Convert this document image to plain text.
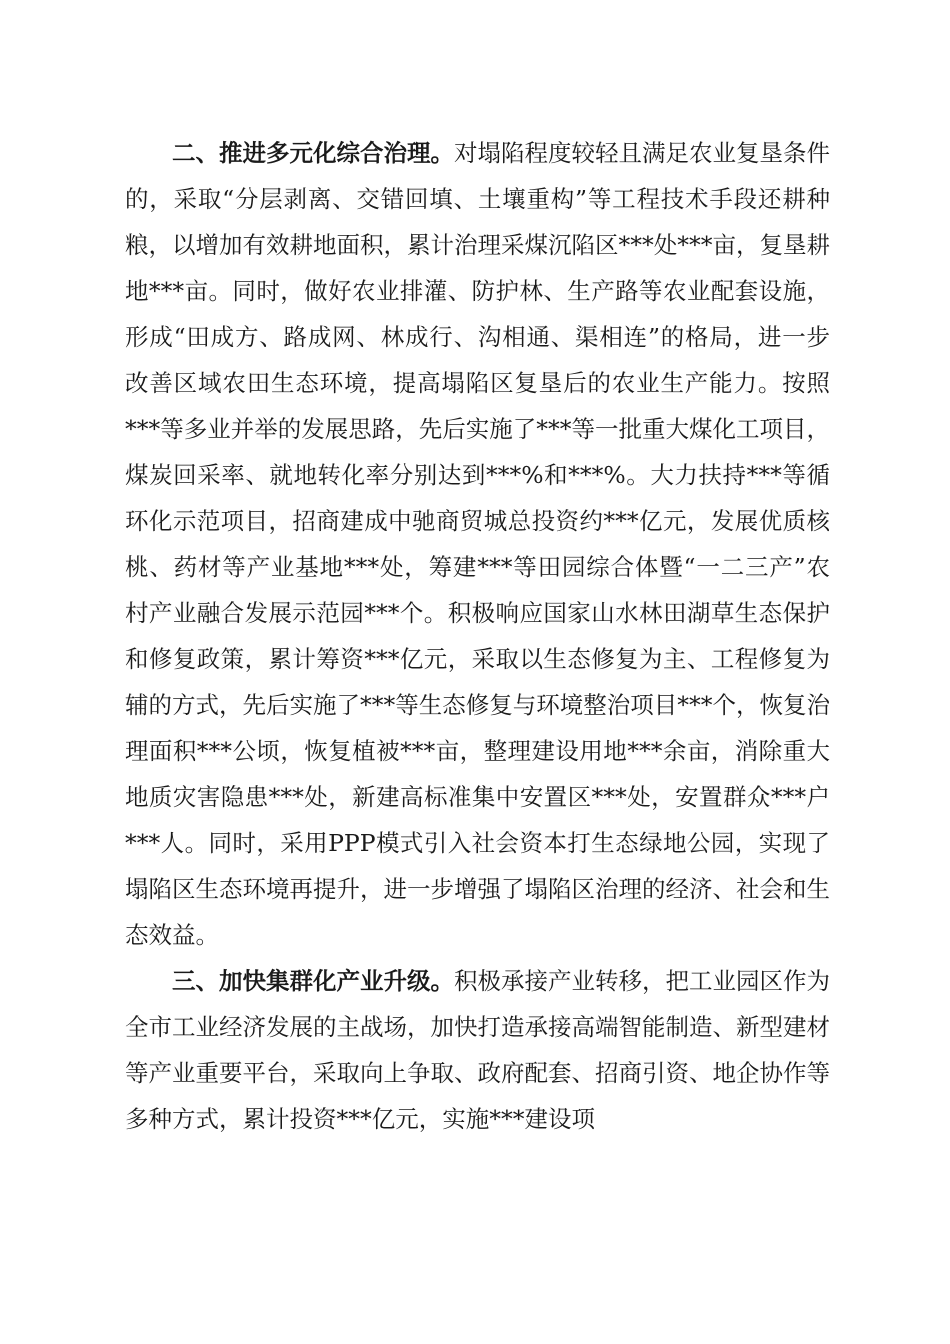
二、推进多元化综合治理。对塌陷程度较轻且满足农业复垦条件的，采取“分层剥离、交错回填、土壤重构”等工程技术手段还耕种粮，以增加有效耕地面积，累计治理采煤沉陷区***处***亩，复垦耕地***亩。同时，做好农业排灌、防护林、生产路等农业配套设施，形成“田成方、路成网、林成行、沟相通、渠相连”的格局，进一步改善区域农田生态环境，提高塌陷区复垦后的农业生产能力。按照***等多业并举的发展思路，先后实施了***等一批重大煤化工项目，煤炭回采率、就地转化率分别达到***%和***%。大力扶持***等循环化示范项目，招商建成中驰商贸城总投资约***亿元，发展优质核桃、药材等产业基地***处，筹建***等田园综合体暨“一二三产”农村产业融合发展示范园***个。积极响应国家山水林田湖草生态保护和修复政策，累计筹资***亿元，采取以生态修复为主、工程修复为辅的方式，先后实施了***等生态修复与环境整治项目***个，恢复治理面积***公顷，恢复植被***亩，整理建设用地***余亩，消除重大地质灾害隐患***处，新建高标准集中安置区***处，安置群众***户***人。同时，采用PPP模式引入社会资本打生态绿地公园，实现了塌陷区生态环境再提升，进一步增强了塌陷区治理的经济、社会和生态效益。

三、加快集群化产业升级。积极承接产业转移，把工业园区作为全市工业经济发展的主战场，加快打造承接高端智能制造、新型建材等产业重要平台，采取向上争取、政府配套、招商引资、地企协作等多种方式，累计投资***亿元，实施***建设项
